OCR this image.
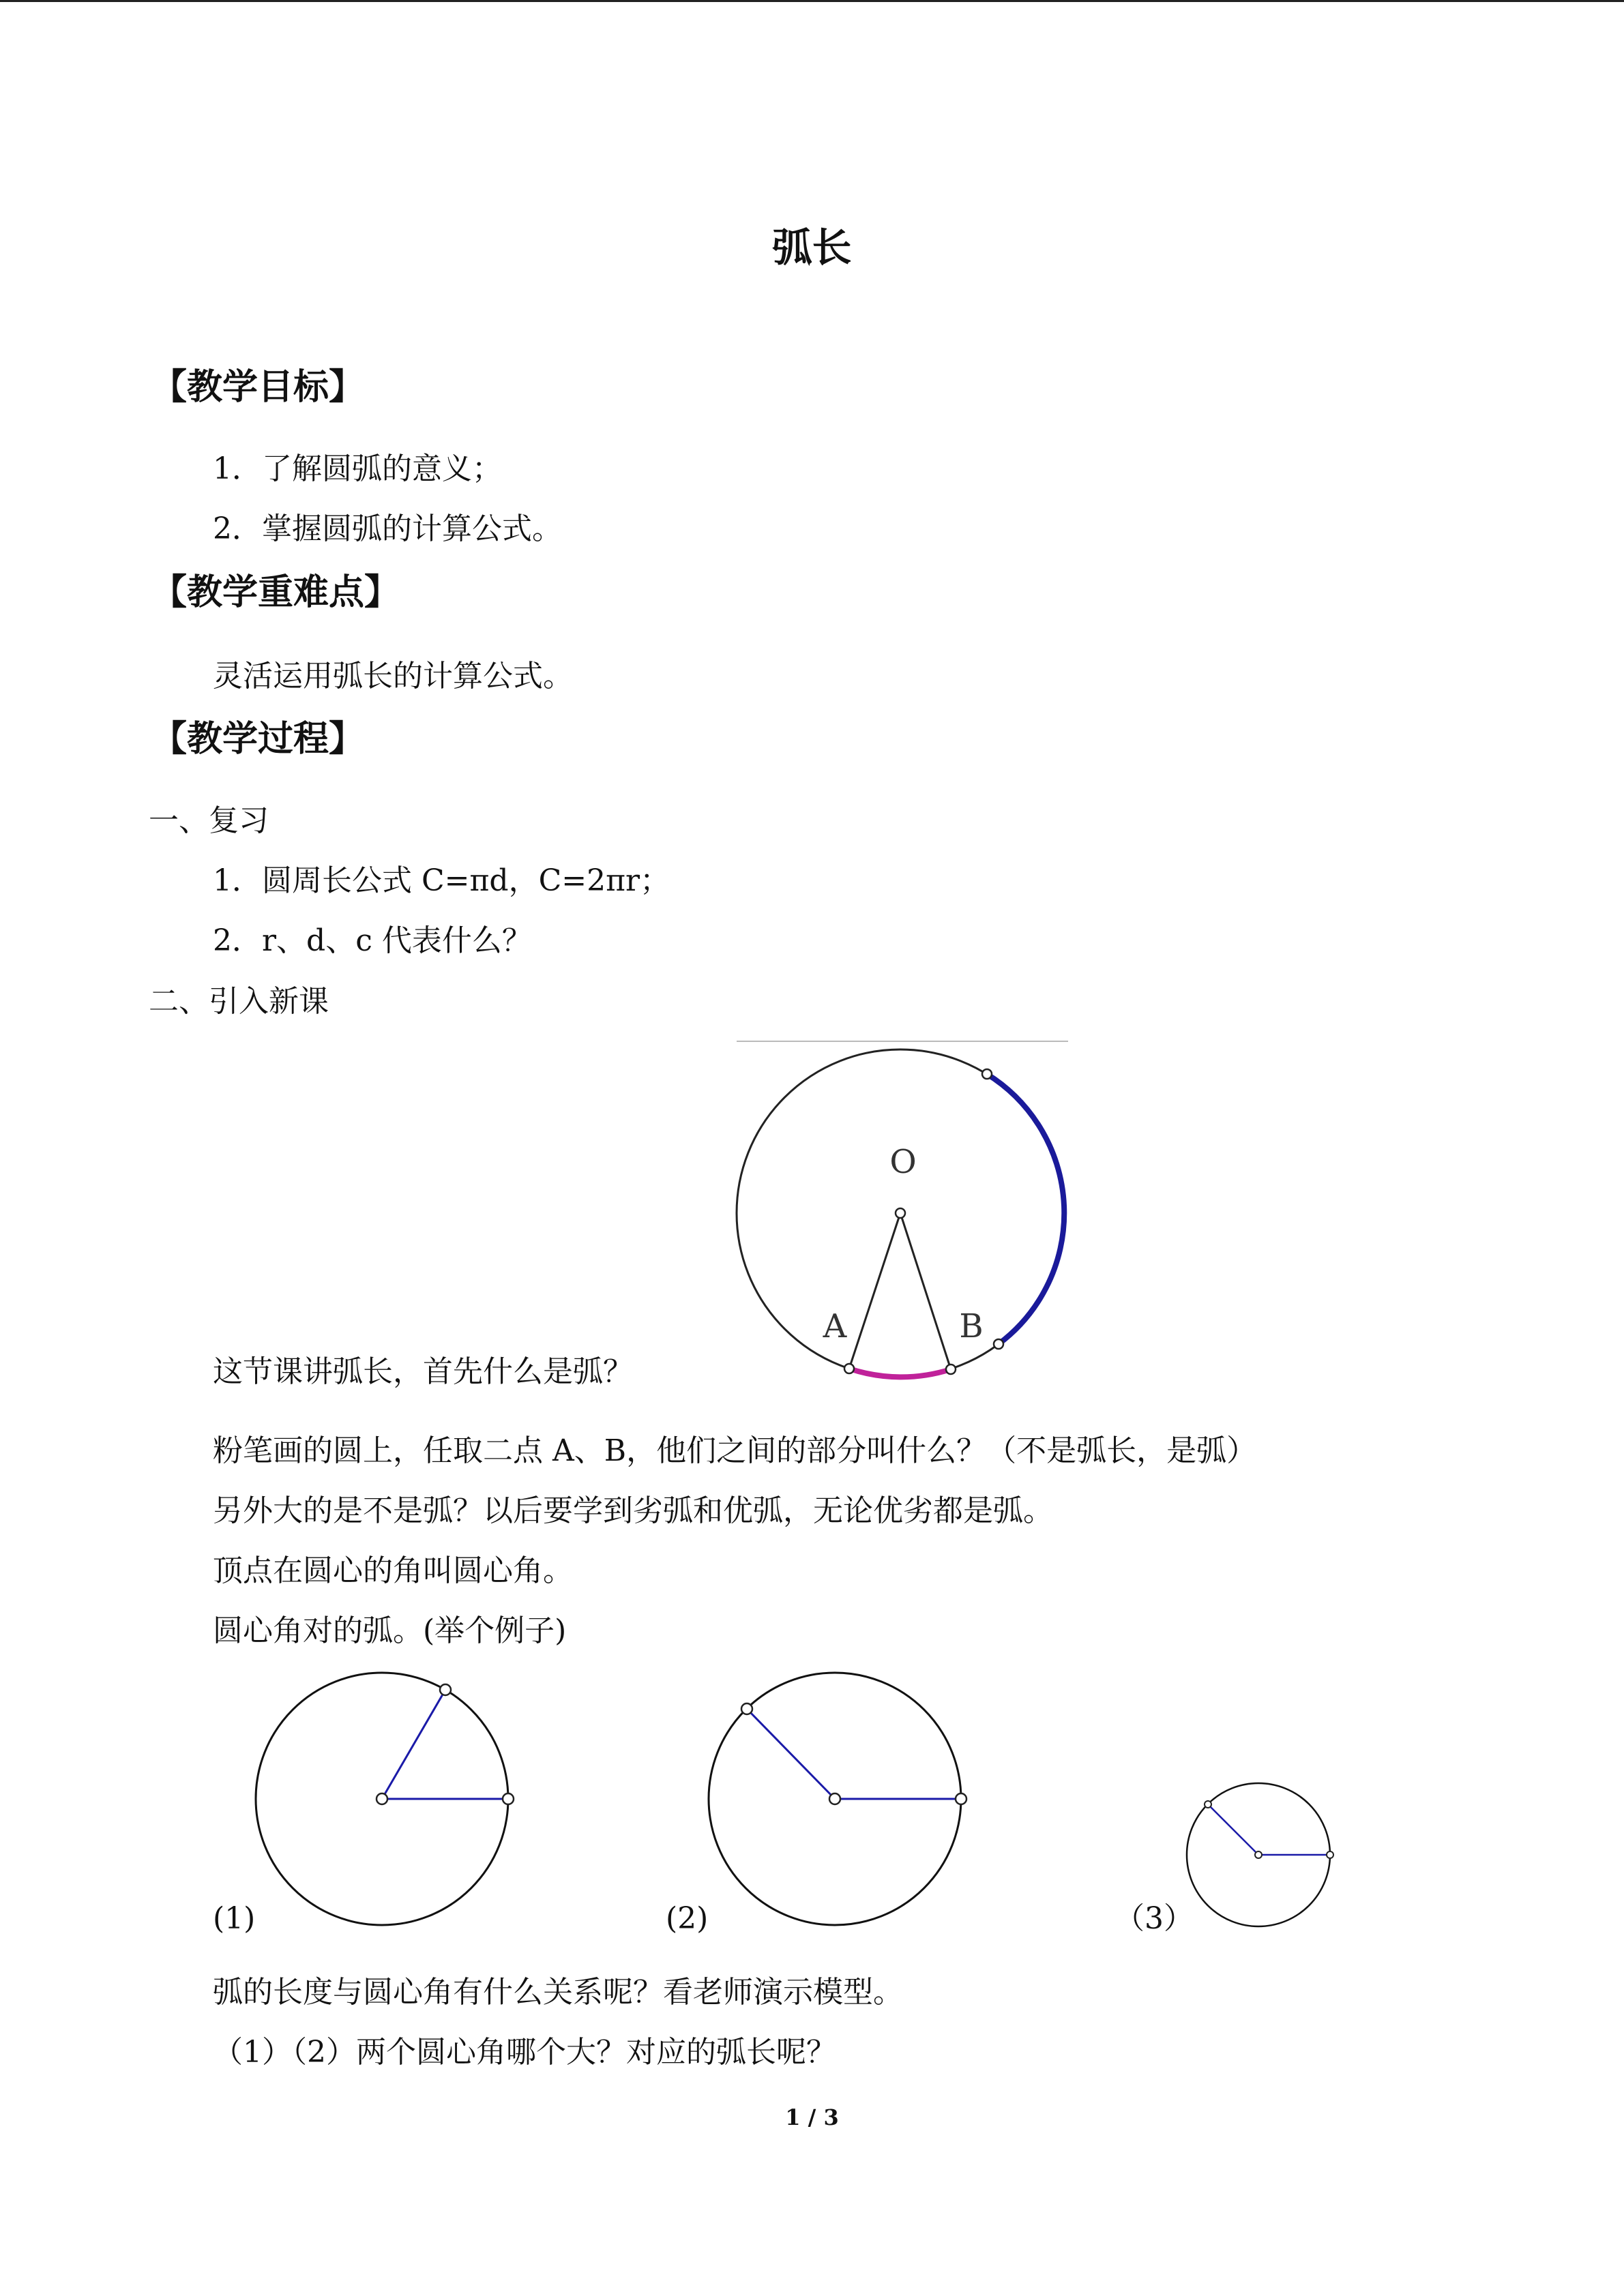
弧长
【教学目标】
1．了解圆弧的意义；
2．掌握圆弧的计算公式。
【教学重难点】
灵活运用弧长的计算公式。
【教学过程】
一、复习
1．圆周长公式 C=πd，C=2πr；
2．r、d、c 代表什么？
二、引入新课
O
A	B
这节课讲弧长，首先什么是弧？
粉笔画的圆上，任取二点 A、B，他们之间的部分叫什么？（不是弧长，是弧）
另外大的是不是弧？以后要学到劣弧和优弧，无论优劣都是弧。
顶点在圆心的角叫圆心角。
圆心角对的弧。(举个例子)
(1)	(2)	（3）
弧的长度与圆心角有什么关系呢？看老师演示模型。
（1）（2）两个圆心角哪个大？对应的弧长呢？
1 / 3
